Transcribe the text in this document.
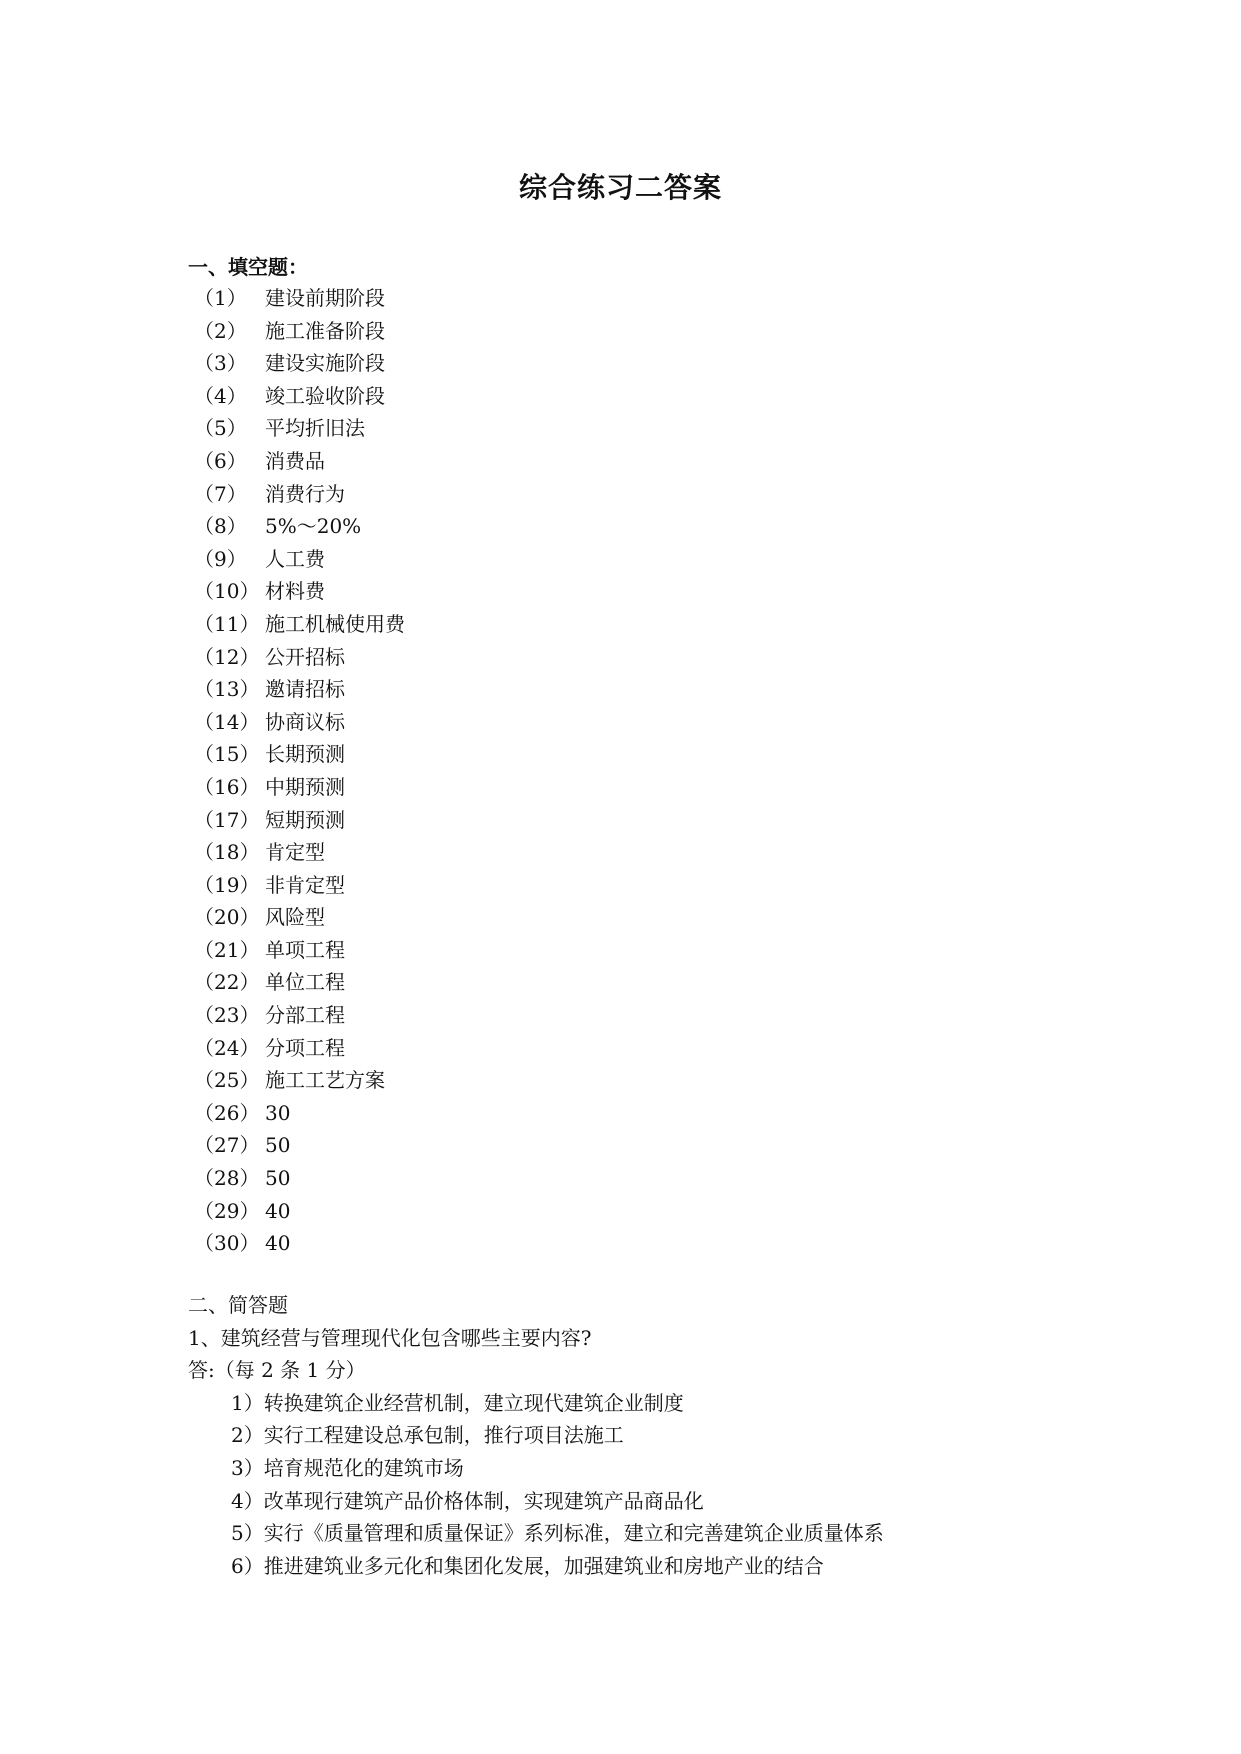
综合练习二答案
一、填空题：
（1） 建设前期阶段
（2） 施工准备阶段
（3） 建设实施阶段
（4） 竣工验收阶段
（5） 平均折旧法
（6） 消费品
（7） 消费行为
（8） 5%～20%
（9） 人工费
（10） 材料费
（11） 施工机械使用费
（12） 公开招标
（13） 邀请招标
（14） 协商议标
（15） 长期预测
（16） 中期预测
（17） 短期预测
（18） 肯定型
（19） 非肯定型
（20） 风险型
（21） 单项工程
（22） 单位工程
（23） 分部工程
（24） 分项工程
（25） 施工工艺方案
（26） 30
（27） 50
（28） 50
（29） 40
（30） 40
二、简答题
1、建筑经营与管理现代化包含哪些主要内容?
答:（每 2 条 1 分）
1）转换建筑企业经营机制，建立现代建筑企业制度
2）实行工程建设总承包制，推行项目法施工
3）培育规范化的建筑市场
4）改革现行建筑产品价格体制，实现建筑产品商品化
5）实行《质量管理和质量保证》系列标准，建立和完善建筑企业质量体系
6）推进建筑业多元化和集团化发展，加强建筑业和房地产业的结合
